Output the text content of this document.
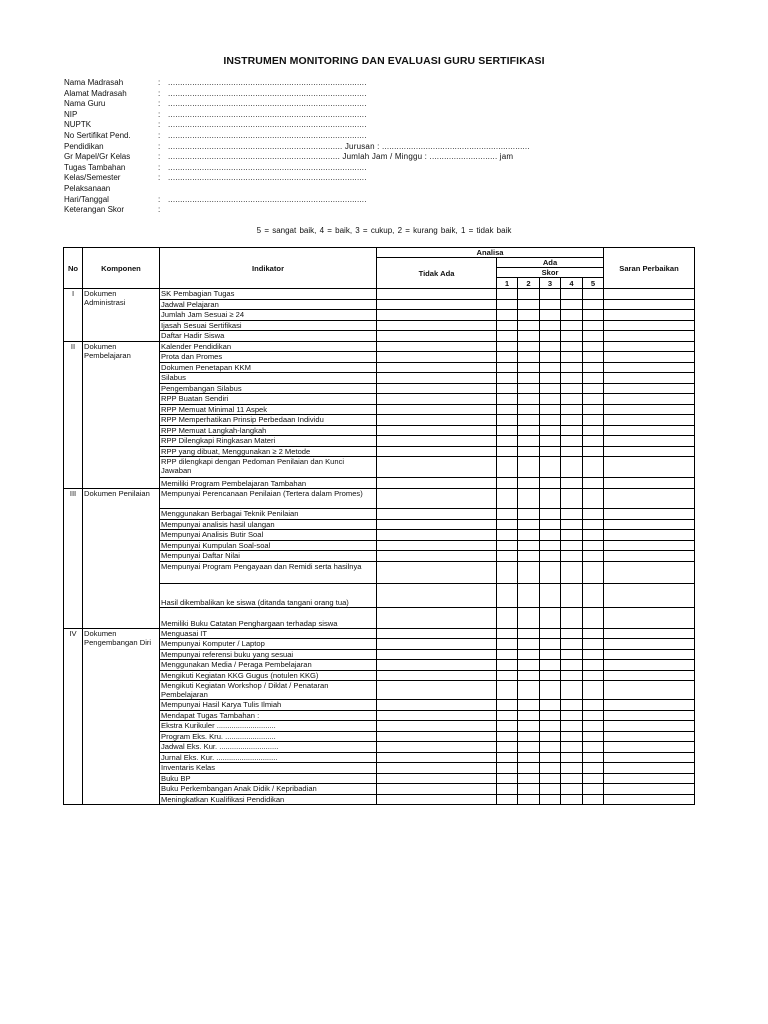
INSTRUMEN MONITORING DAN EVALUASI GURU SERTIFIKASI
Nama Madrasah	: ..................................................................................
Alamat Madrasah	: ..................................................................................
Nama Guru	: ..................................................................................
NIP	: ..................................................................................
NUPTK	: ..................................................................................
No Sertifikat Pend.	: ..................................................................................
Pendidikan	: ........................................................................ Jurusan : .............................................................
Gr Mapel/Gr Kelas	: ....................................................................... Jumlah Jam / Minggu : ............................ jam
Tugas Tambahan	: ..................................................................................
Kelas/Semester	: ..................................................................................
Pelaksanaan
Hari/Tanggal	: ..................................................................................
Keterangan Skor	:
5 = sangat baik, 4 = baik, 3 = cukup, 2 = kurang baik, 1 = tidak baik
No	Komponen	Indikator	Analisa						Saran Perbaikan
			Tidak Ada	Ada					
				Skor					
				1	2	3	4	5	
I	Dokumen Administrasi	SK Pembagian Tugas							
		Jadwal Pelajaran							
		Jumlah Jam Sesuai ≥ 24							
		Ijasah Sesuai Sertifikasi							
		Daftar Hadir Siswa							
II	Dokumen Pembelajaran	Kalender Pendidikan							
		Prota dan Promes							
		Dokumen Penetapan KKM							
		Silabus							
		Pengembangan Silabus							
		RPP Buatan Sendiri							
		RPP Memuat Minimal 11 Aspek							
		RPP Memperhatikan Prinsip Perbedaan Individu							
		RPP Memuat Langkah-langkah							
		RPP Dilengkapi Ringkasan Materi							
		RPP yang dibuat, Menggunakan ≥ 2 Metode							
		RPP dilengkapi dengan Pedoman Penilaian dan Kunci Jawaban							
		Memiliki Program Pembelajaran Tambahan							
III	Dokumen Penilaian	Mempunyai Perencanaan Penilaian (Tertera dalam Promes)							
		Menggunakan Berbagai Teknik Penilaian							
		Mempunyai analisis hasil ulangan							
		Mempunyai Analisis Butir Soal							
		Mempunyai Kumpulan Soal-soal							
		Mempunyai Daftar Nilai							
		Mempunyai Program Pengayaan dan Remidi serta hasilnya							
		Hasil dikembalikan ke siswa (ditanda tangani orang tua)							
		Memiliki Buku Catatan Penghargaan terhadap siswa							
IV	Dokumen Pengembangan Diri	Menguasai IT							
		Mempunyai Komputer / Laptop							
		Mempunyai referensi buku yang sesuai							
		Menggunakan Media / Peraga Pembelajaran							
		Mengikuti Kegiatan KKG Gugus (notulen KKG)							
		Mengikuti Kegiatan Workshop / Diklat / Penataran Pembelajaran							
		Mempunyai Hasil Karya Tulis Ilmiah							
		Mendapat Tugas Tambahan :							
		Ekstra Kurikuler ............................							
		Program Eks. Kru. ........................							
		Jadwal Eks. Kur. ............................							
		Jurnal Eks. Kur. .............................							
		Inventaris Kelas							
		Buku BP							
		Buku Perkembangan Anak Didik / Kepribadian							
		Meningkatkan Kualifikasi Pendidikan							
